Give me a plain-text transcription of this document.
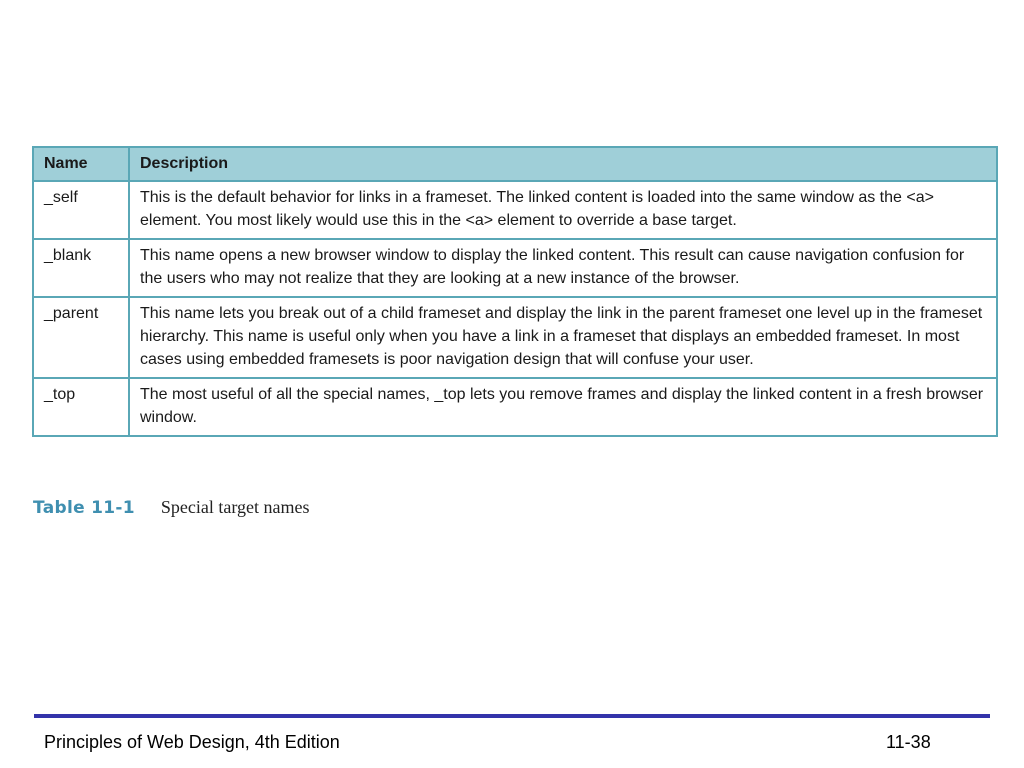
Name	Description
_self	This is the default behavior for links in a frameset. The linked content is loaded into the same window as the <a> element. You most likely would use this in the <a> element to override a base target.
_blank	This name opens a new browser window to display the linked content. This result can cause navigation confusion for the users who may not realize that they are looking at a new instance of the browser.
_parent	This name lets you break out of a child frameset and display the link in the parent frameset one level up in the frameset hierarchy. This name is useful only when you have a link in a frameset that displays an embedded frameset. In most cases using embedded framesets is poor navigation design that will confuse your user.
_top	The most useful of all the special names, _top lets you remove frames and display the linked content in a fresh browser window.
Table 11-1 Special target names
Principles of Web Design, 4th Edition	11-38
